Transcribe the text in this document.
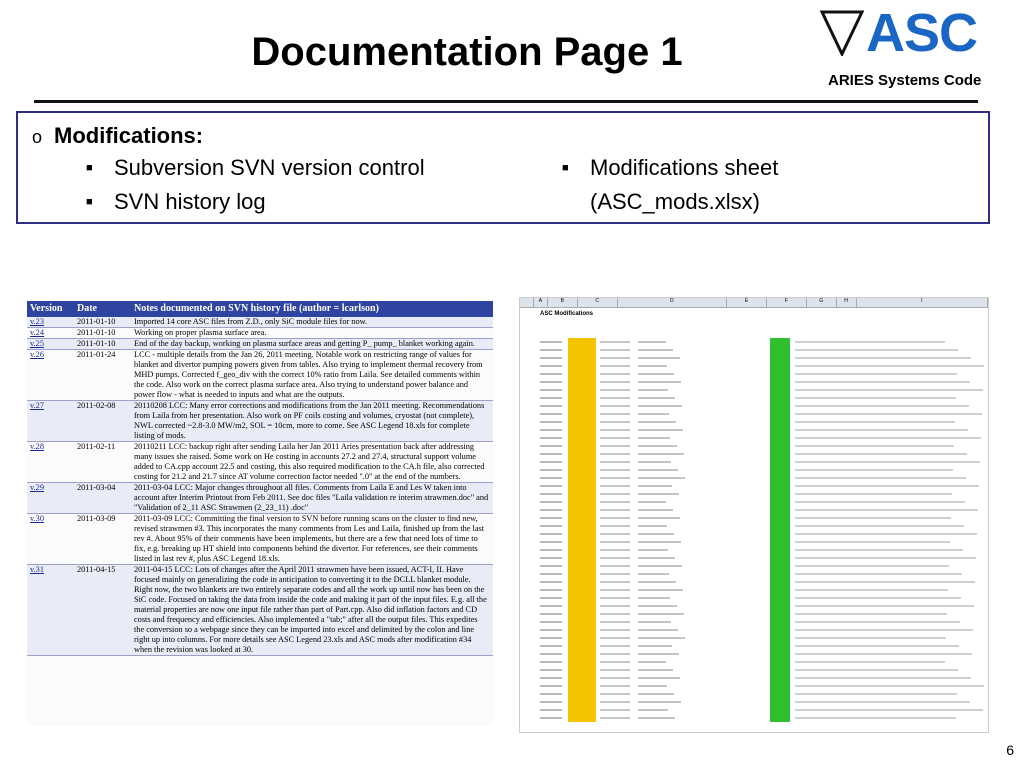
Documentation Page 1	ASC
ARIES Systems Code
o Modifications:
■ Subversion SVN version control
■ SVN history log
■ Modifications sheet
(ASC_mods.xlsx)
Version	Date	Notes documented on SVN history file (author = lcarlson)
v.23	2011-01-10	Imported 14 core ASC files from Z.D., only SiC module files for now.
v.24	2011-01-10	Working on proper plasma surface area.
v.25	2011-01-10	End of the day backup, working on plasma surface areas and getting P_ pump_ blanket working again.
v.26	2011-01-24	LCC - multiple details from the Jan 26, 2011 meeting. Notable work on restricting range of values for blanket and divertor pumping powers given from tables. Also trying to implement thermal recovery from MHD pumps. Corrected f_geo_div with the correct 10% ratio from Laila. See detailed comments within the code. Also work on the correct plasma surface area. Also trying to understand power balance and power flow - what is needed to inputs and what are the outputs.
v.27	2011-02-08	20110208 LCC: Many error corrections and modifications from the Jan 2011 meeting. Recommendations from Laila from her presentation. Also work on PF coils costing and volumes, cryostat (not complete), NWL corrected ~2.8-3.0 MW/m2, SOL = 10cm, more to come. See ASC Legend 18.xls for complete listing of mods.
v.28	2011-02-11	20110211 LCC: backup right after sending Laila her Jan 2011 Aries presentation back after addressing many issues she raised. Some work on He costing in accounts 27.2 and 27.4, structural support volume added to CA.cpp account 22.5 and costing, this also required modification to the CA.h file, also corrected costing for 21.2 and 21.7 since AT volume correction factor needed ".0" at the end of the numbers.
v.29	2011-03-04	2011-03-04 LCC: Major changes throughout all files. Comments from Laila E and Les W taken into account after Interim Printout from Feb 2011. See doc files "Laila validation re interim strawmen.doc" and "Validation of 2_11 ASC Strawmen (2_23_11) .doc"
v.30	2011-03-09	2011-03-09 LCC: Committing the final version to SVN before running scans on the cluster to find new, revised strawmen #3. This incorporates the many comments from Les and Laila, finished up from the last rev #. About 95% of their comments have been implements, but there are a few that need lots of time to fix, e.g. breaking up HT shield into components behind the divertor. For references, see their comments listed in last rev #, plus ASC Legend 18.xls.
v.31	2011-04-15	2011-04-15 LCC: Lots of changes after the April 2011 strawmen have been issued, ACT-I, II. Have focused mainly on generalizing the code in anticipation to converting it to the DCLL blanket module. Right now, the two blankets are two entirely separate codes and all the work up until now has been on the SiC code. Focused on taking the data from inside the code and making it part of the input files. E.g. all the material properties are now one input file rather than part of Part.cpp. Also did inflation factors and CD costs and frequency and efficiencies. Also implemented a "tab;" after all the output files. This expedites the conversion so a webpage since they can be imported into excel and delimited by the colon and line right up into columns. For more details see ASC Legend 23.xls and ASC mods after modification #34 when the revision was looked at 30.
A	B	C	D	E	F	G	H	I
ASC Modifications
6
